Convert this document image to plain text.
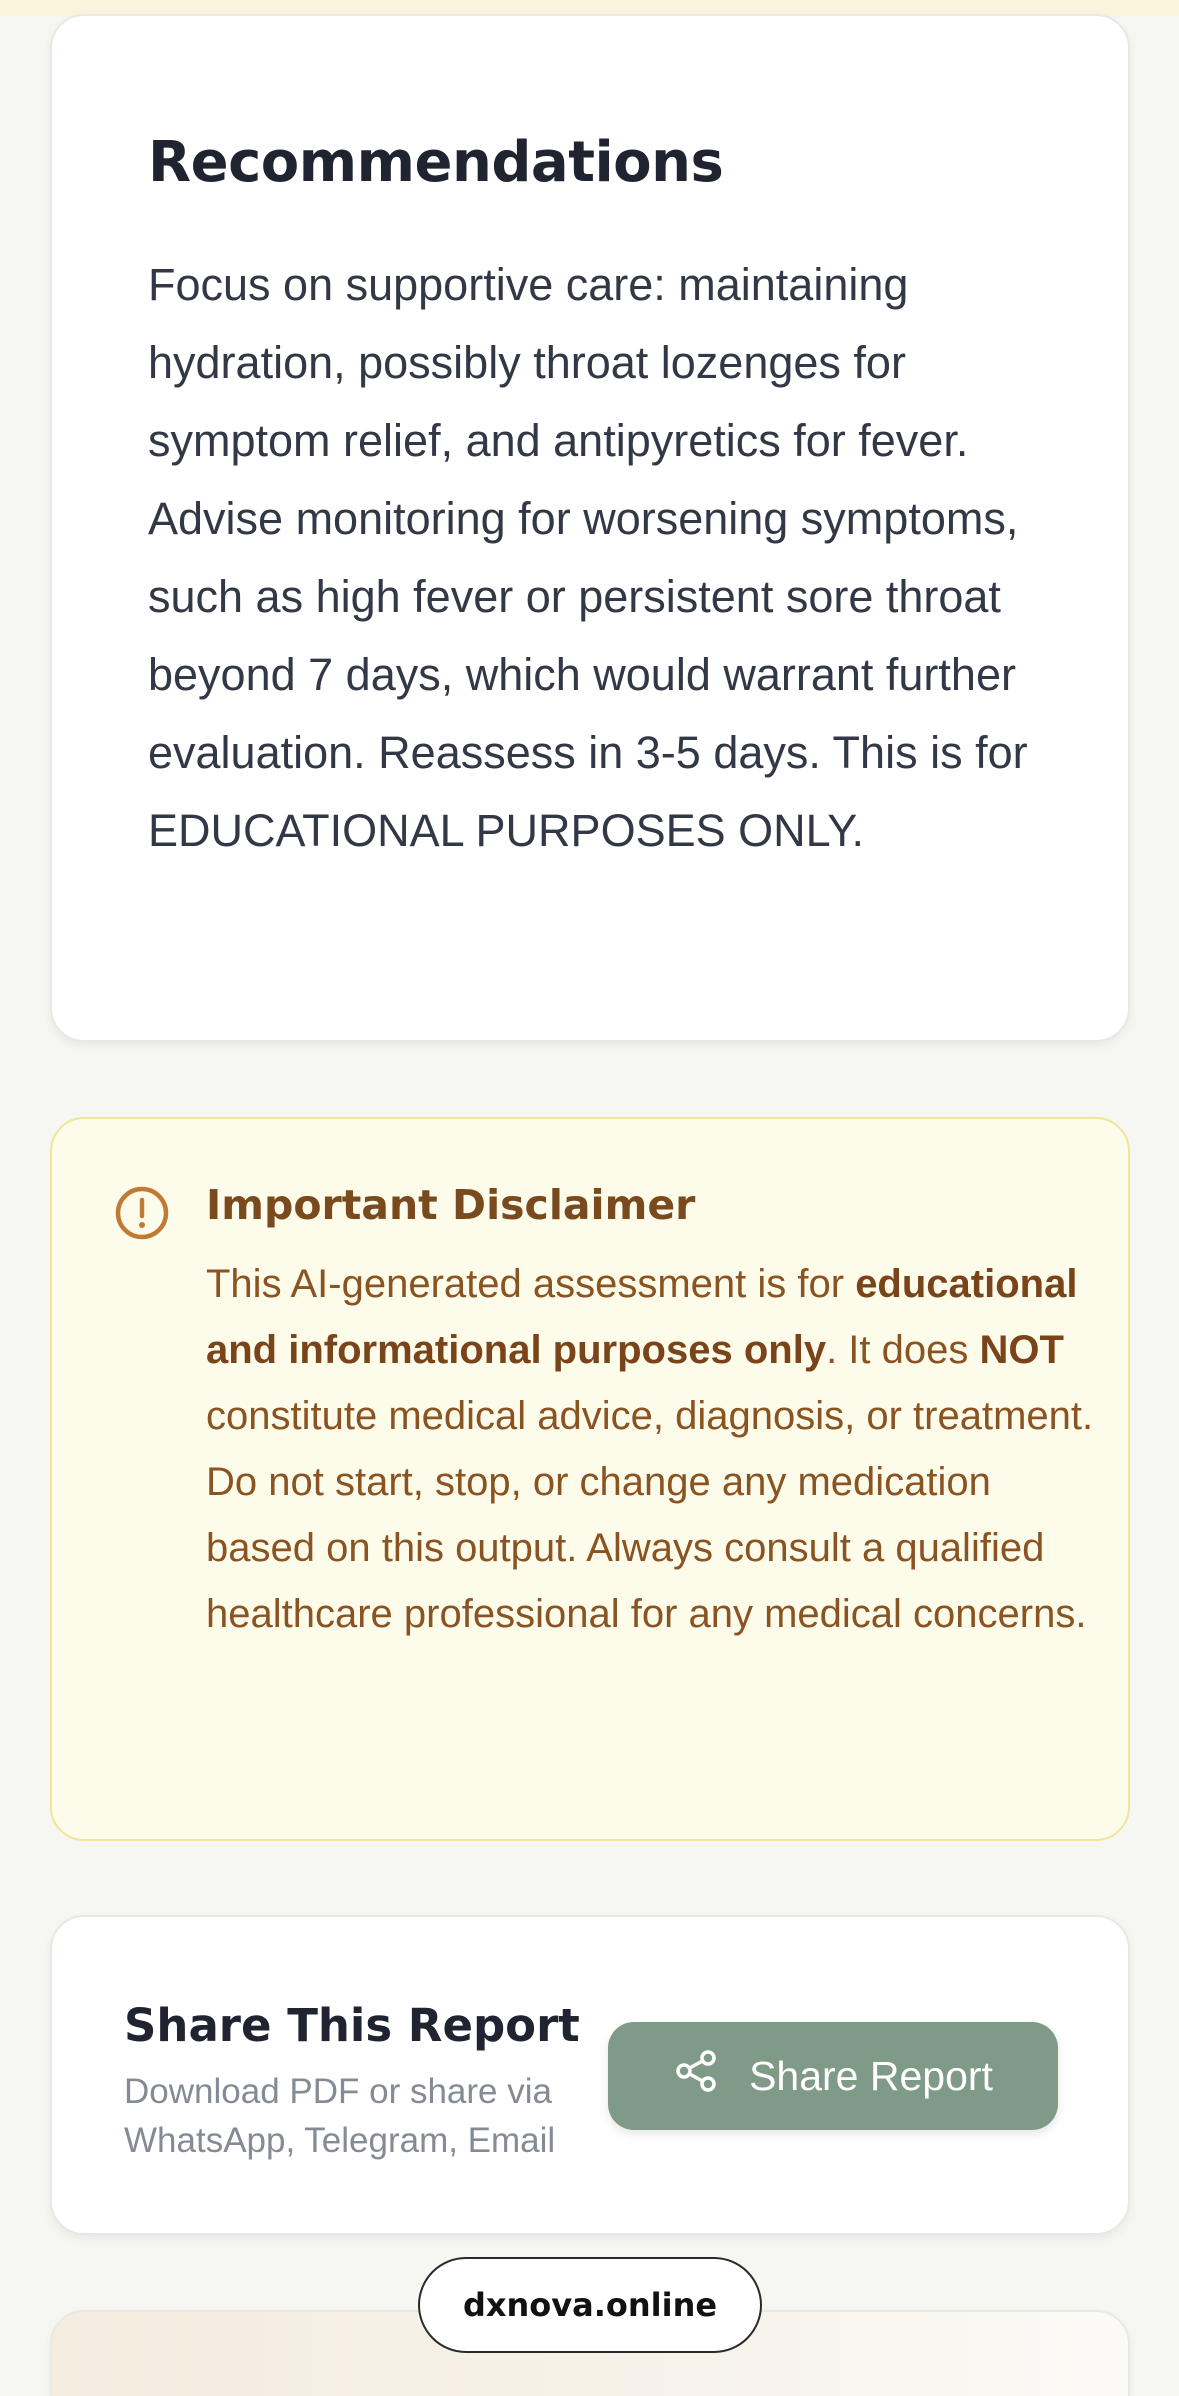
Recommendations

Focus on supportive care: maintaining hydration, possibly throat lozenges for symptom relief, and antipyretics for fever. Advise monitoring for worsening symptoms, such as high fever or persistent sore throat beyond 7 days, which would warrant further evaluation. Reassess in 3-5 days. This is for EDUCATIONAL PURPOSES ONLY.

Important Disclaimer

This AI-generated assessment is for educational and informational purposes only. It does NOT constitute medical advice, diagnosis, or treatment. Do not start, stop, or change any medication based on this output. Always consult a qualified healthcare professional for any medical concerns.

Share This Report

Download PDF or share via WhatsApp, Telegram, Email

Share Report
dxnova.online
